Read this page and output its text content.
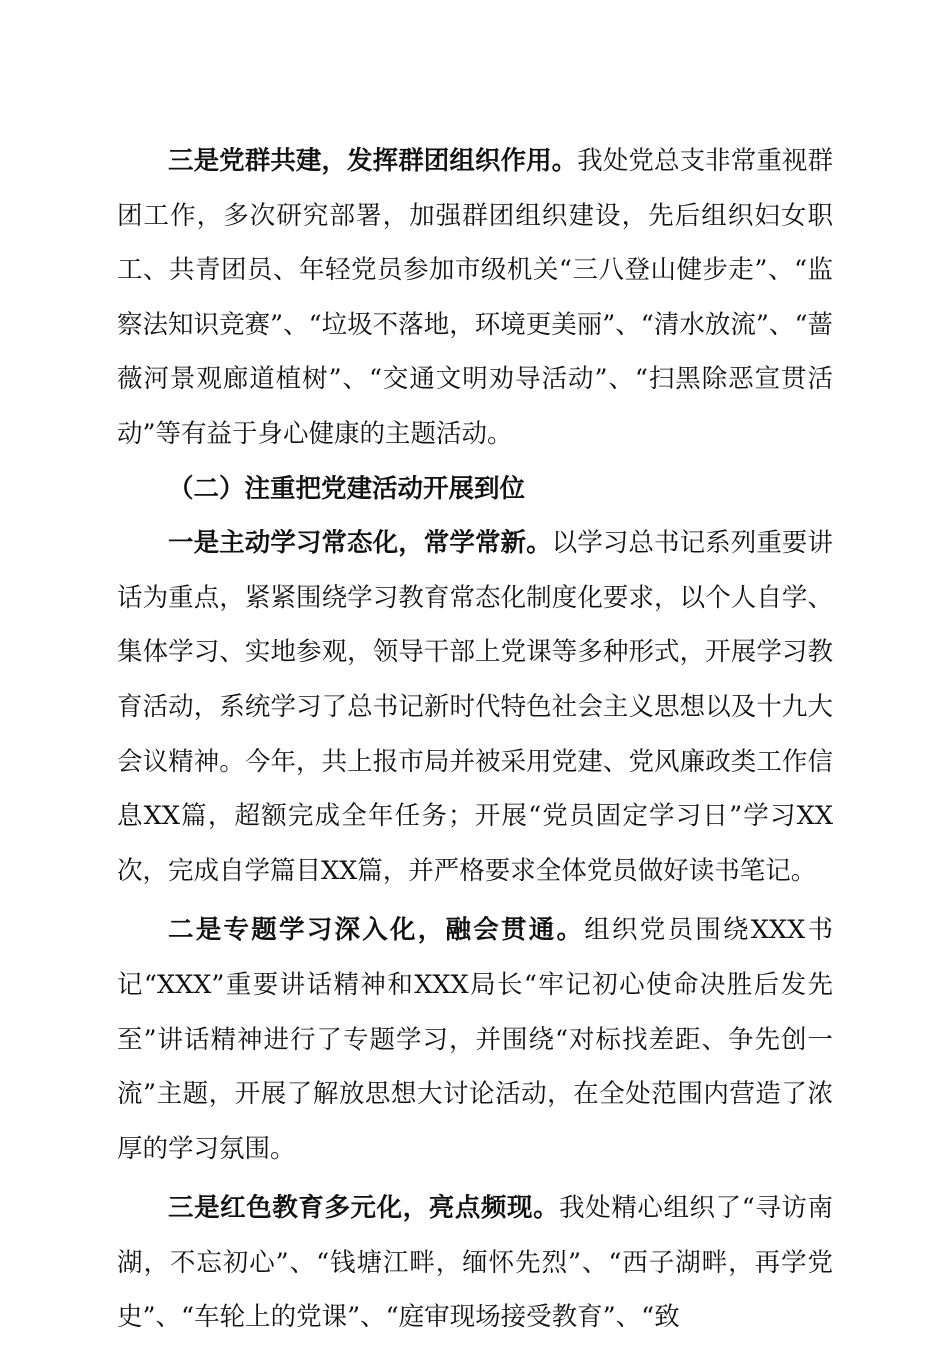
三是党群共建，发挥群团组织作用。我处党总支非常重视群团工作，多次研究部署，加强群团组织建设，先后组织妇女职工、共青团员、年轻党员参加市级机关“三八登山健步走”、“监察法知识竞赛”、“垃圾不落地，环境更美丽”、“清水放流”、“蔷薇河景观廊道植树”、“交通文明劝导活动”、“扫黑除恶宣贯活动”等有益于身心健康的主题活动。

（二）注重把党建活动开展到位

一是主动学习常态化，常学常新。以学习总书记系列重要讲话为重点，紧紧围绕学习教育常态化制度化要求，以个人自学、集体学习、实地参观，领导干部上党课等多种形式，开展学习教育活动，系统学习了总书记新时代特色社会主义思想以及十九大会议精神。今年，共上报市局并被采用党建、党风廉政类工作信息XX篇，超额完成全年任务；开展“党员固定学习日”学习XX次，完成自学篇目XX篇，并严格要求全体党员做好读书笔记。

二是专题学习深入化，融会贯通。组织党员围绕XXX书记“XXX”重要讲话精神和XXX局长“牢记初心使命决胜后发先至”讲话精神进行了专题学习，并围绕“对标找差距、争先创一流”主题，开展了解放思想大讨论活动，在全处范围内营造了浓厚的学习氛围。

三是红色教育多元化，亮点频现。我处精心组织了“寻访南湖，不忘初心”、“钱塘江畔，缅怀先烈”、“西子湖畔，再学党史”、“车轮上的党课”、“庭审现场接受教育”、“致
